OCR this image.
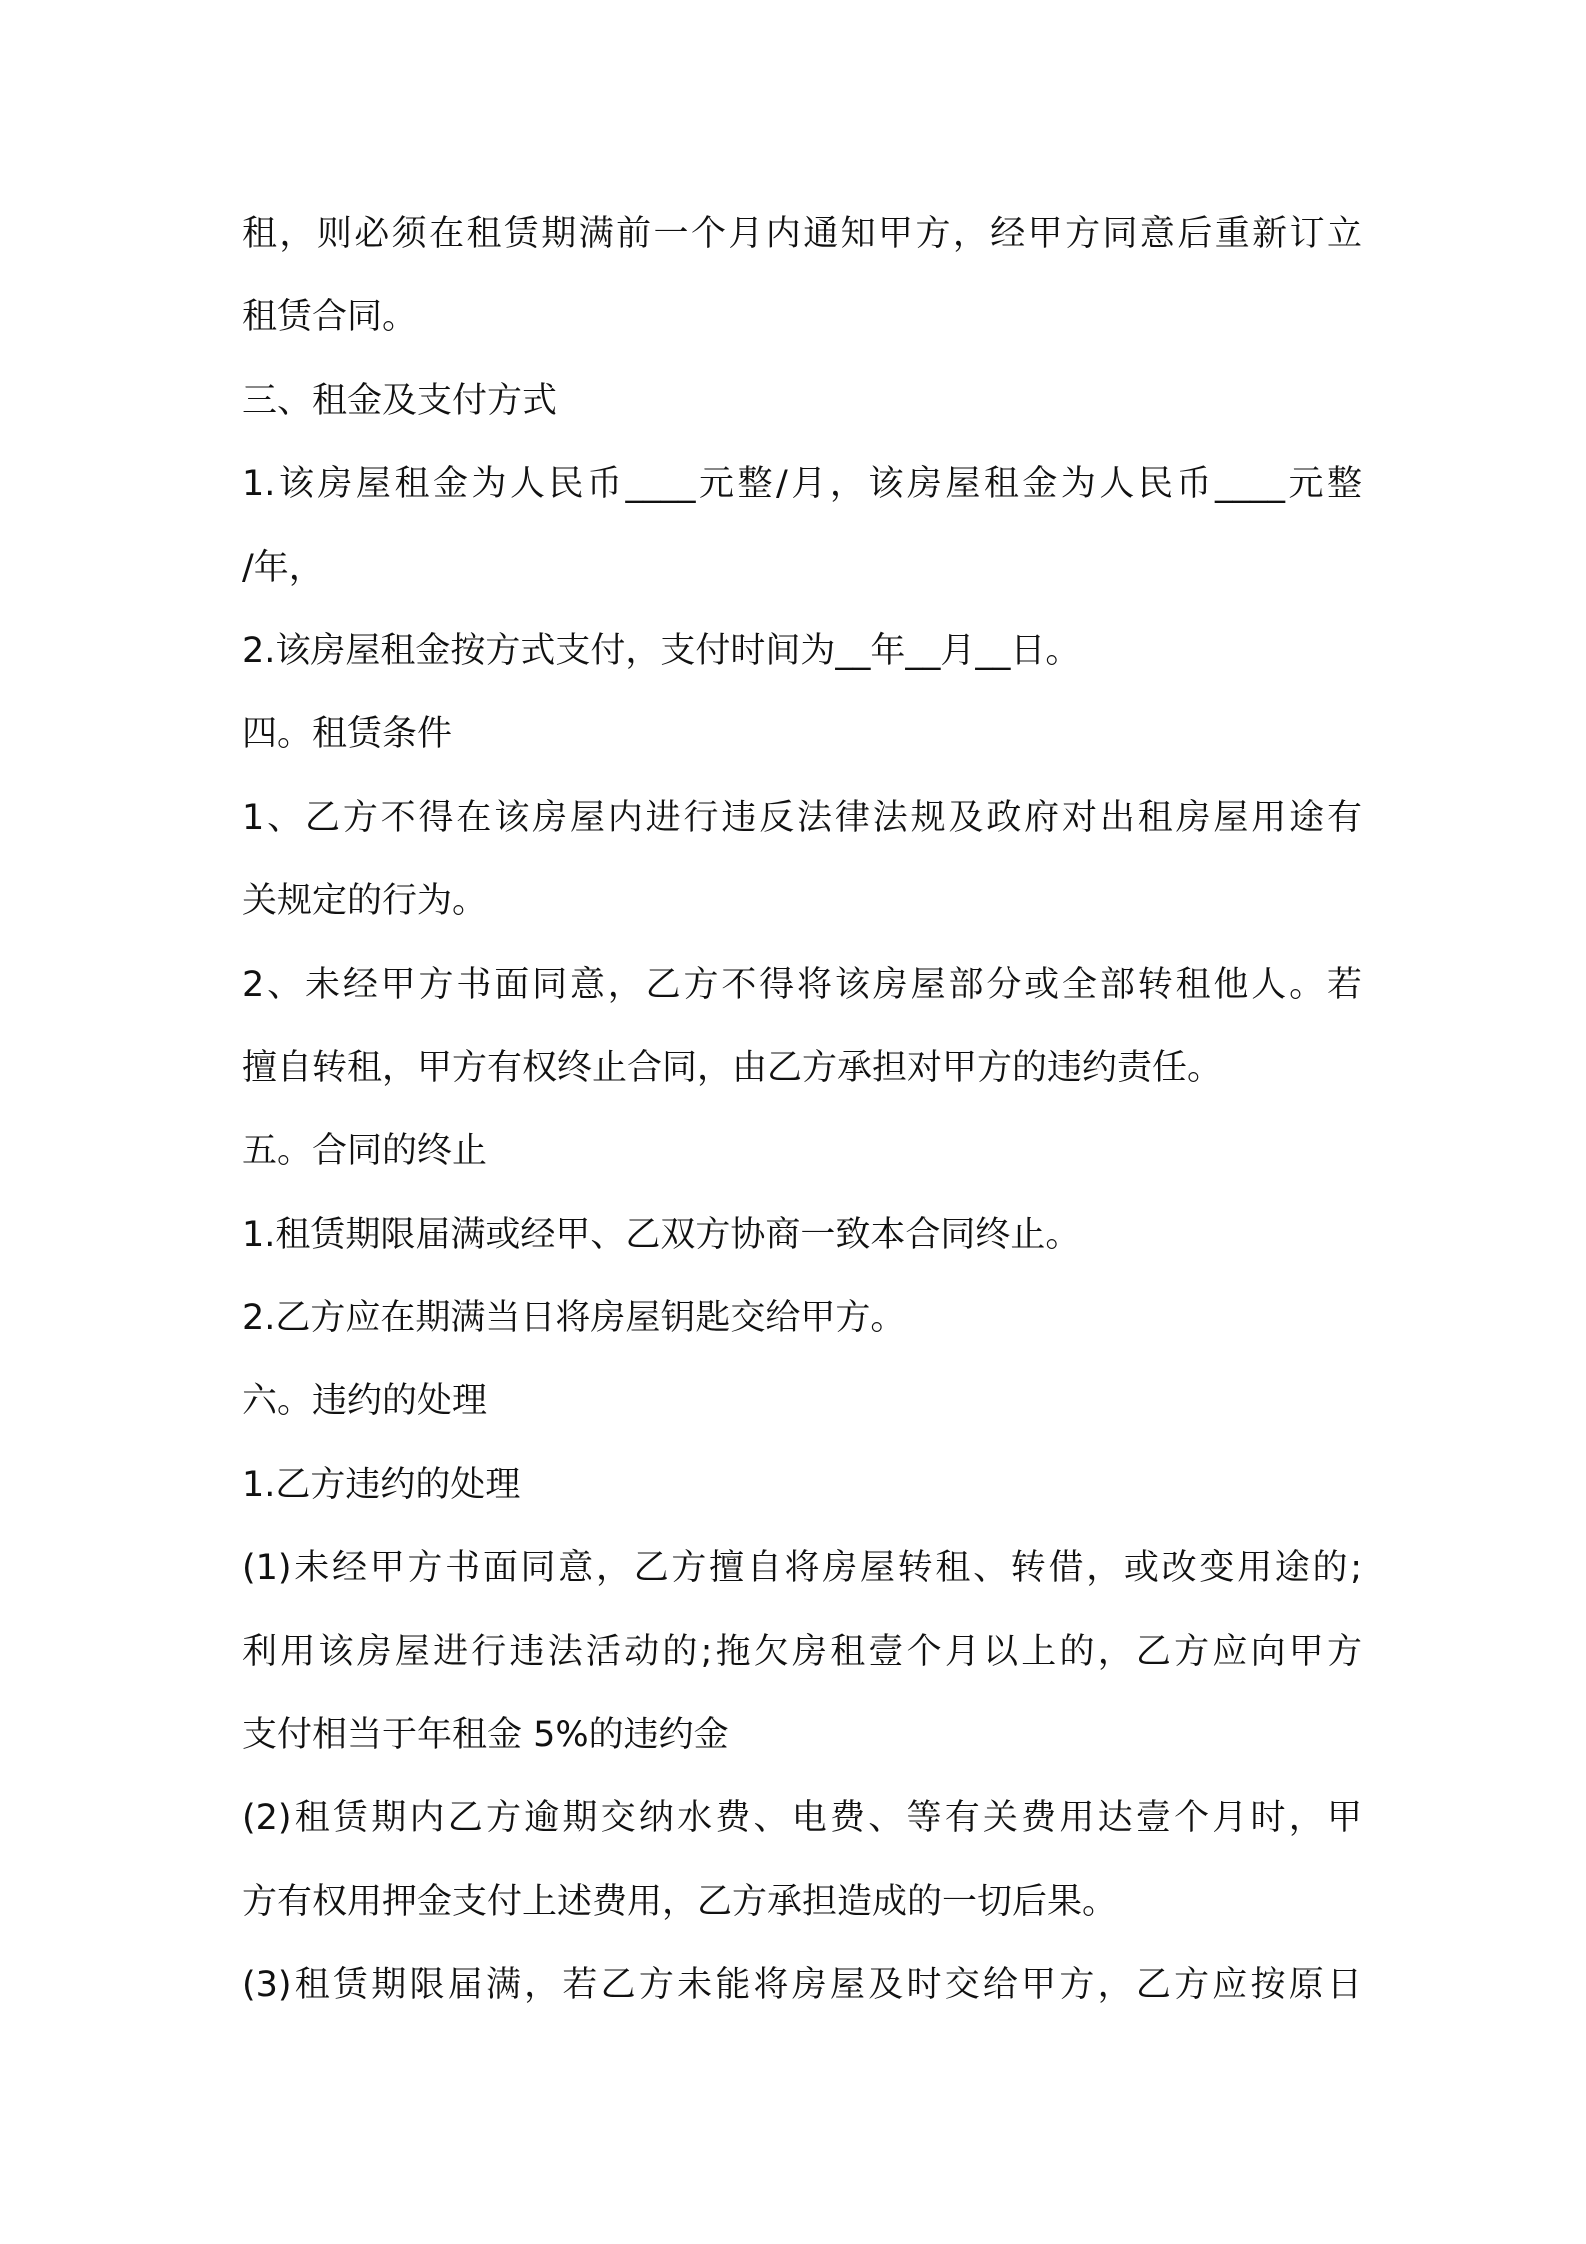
租，则必须在租赁期满前一个月内通知甲方，经甲方同意后重新订立
租赁合同。
三、租金及支付方式
1.该房屋租金为人民币____元整/月，该房屋租金为人民币____元整
/年，
2.该房屋租金按方式支付，支付时间为__年__月__日。
四。租赁条件
1、乙方不得在该房屋内进行违反法律法规及政府对出租房屋用途有
关规定的行为。
2、未经甲方书面同意，乙方不得将该房屋部分或全部转租他人。若
擅自转租，甲方有权终止合同，由乙方承担对甲方的违约责任。
五。合同的终止
1.租赁期限届满或经甲、乙双方协商一致本合同终止。
2.乙方应在期满当日将房屋钥匙交给甲方。
六。违约的处理
1.乙方违约的处理
(1)未经甲方书面同意，乙方擅自将房屋转租、转借，或改变用途的;
利用该房屋进行违法活动的;拖欠房租壹个月以上的，乙方应向甲方
支付相当于年租金 5%的违约金
(2)租赁期内乙方逾期交纳水费、电费、等有关费用达壹个月时，甲
方有权用押金支付上述费用，乙方承担造成的一切后果。
(3)租赁期限届满，若乙方未能将房屋及时交给甲方，乙方应按原日
